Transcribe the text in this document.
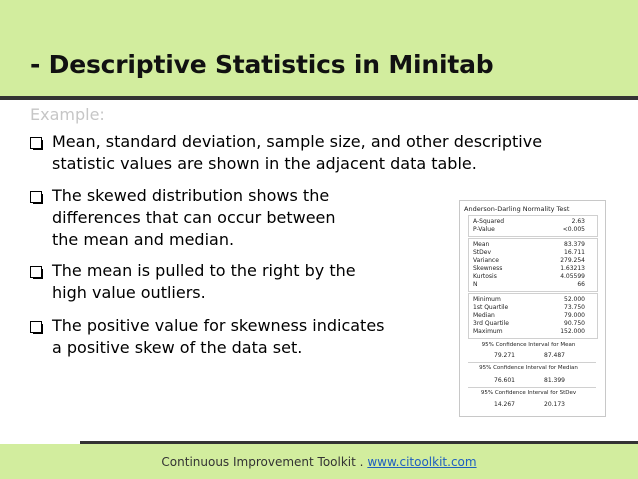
- Descriptive Statistics in Minitab
Example:
Mean, standard deviation, sample size, and other descriptive
statistic values are shown in the adjacent data table.
The skewed distribution shows the
differences that can occur between
the mean and median.
The mean is pulled to the right by the
high value outliers.
The positive value for skewness indicates
a positive skew of the data set.
Anderson-Darling Normality Test
A-Squared	2.63
P-Value	<0.005
Mean	83.379
StDev	16.711
Variance	279.254
Skewness	1.63213
Kurtosis	4.05599
N	66
Minimum	52.000
1st Quartile	73.750
Median	79.000
3rd Quartile	90.750
Maximum	152.000
95% Confidence Interval for Mean
79.271	87.487
95% Confidence Interval for Median
76.601	81.399
95% Confidence Interval for StDev
14.267	20.173
Continuous Improvement Toolkit . www.citoolkit.com
